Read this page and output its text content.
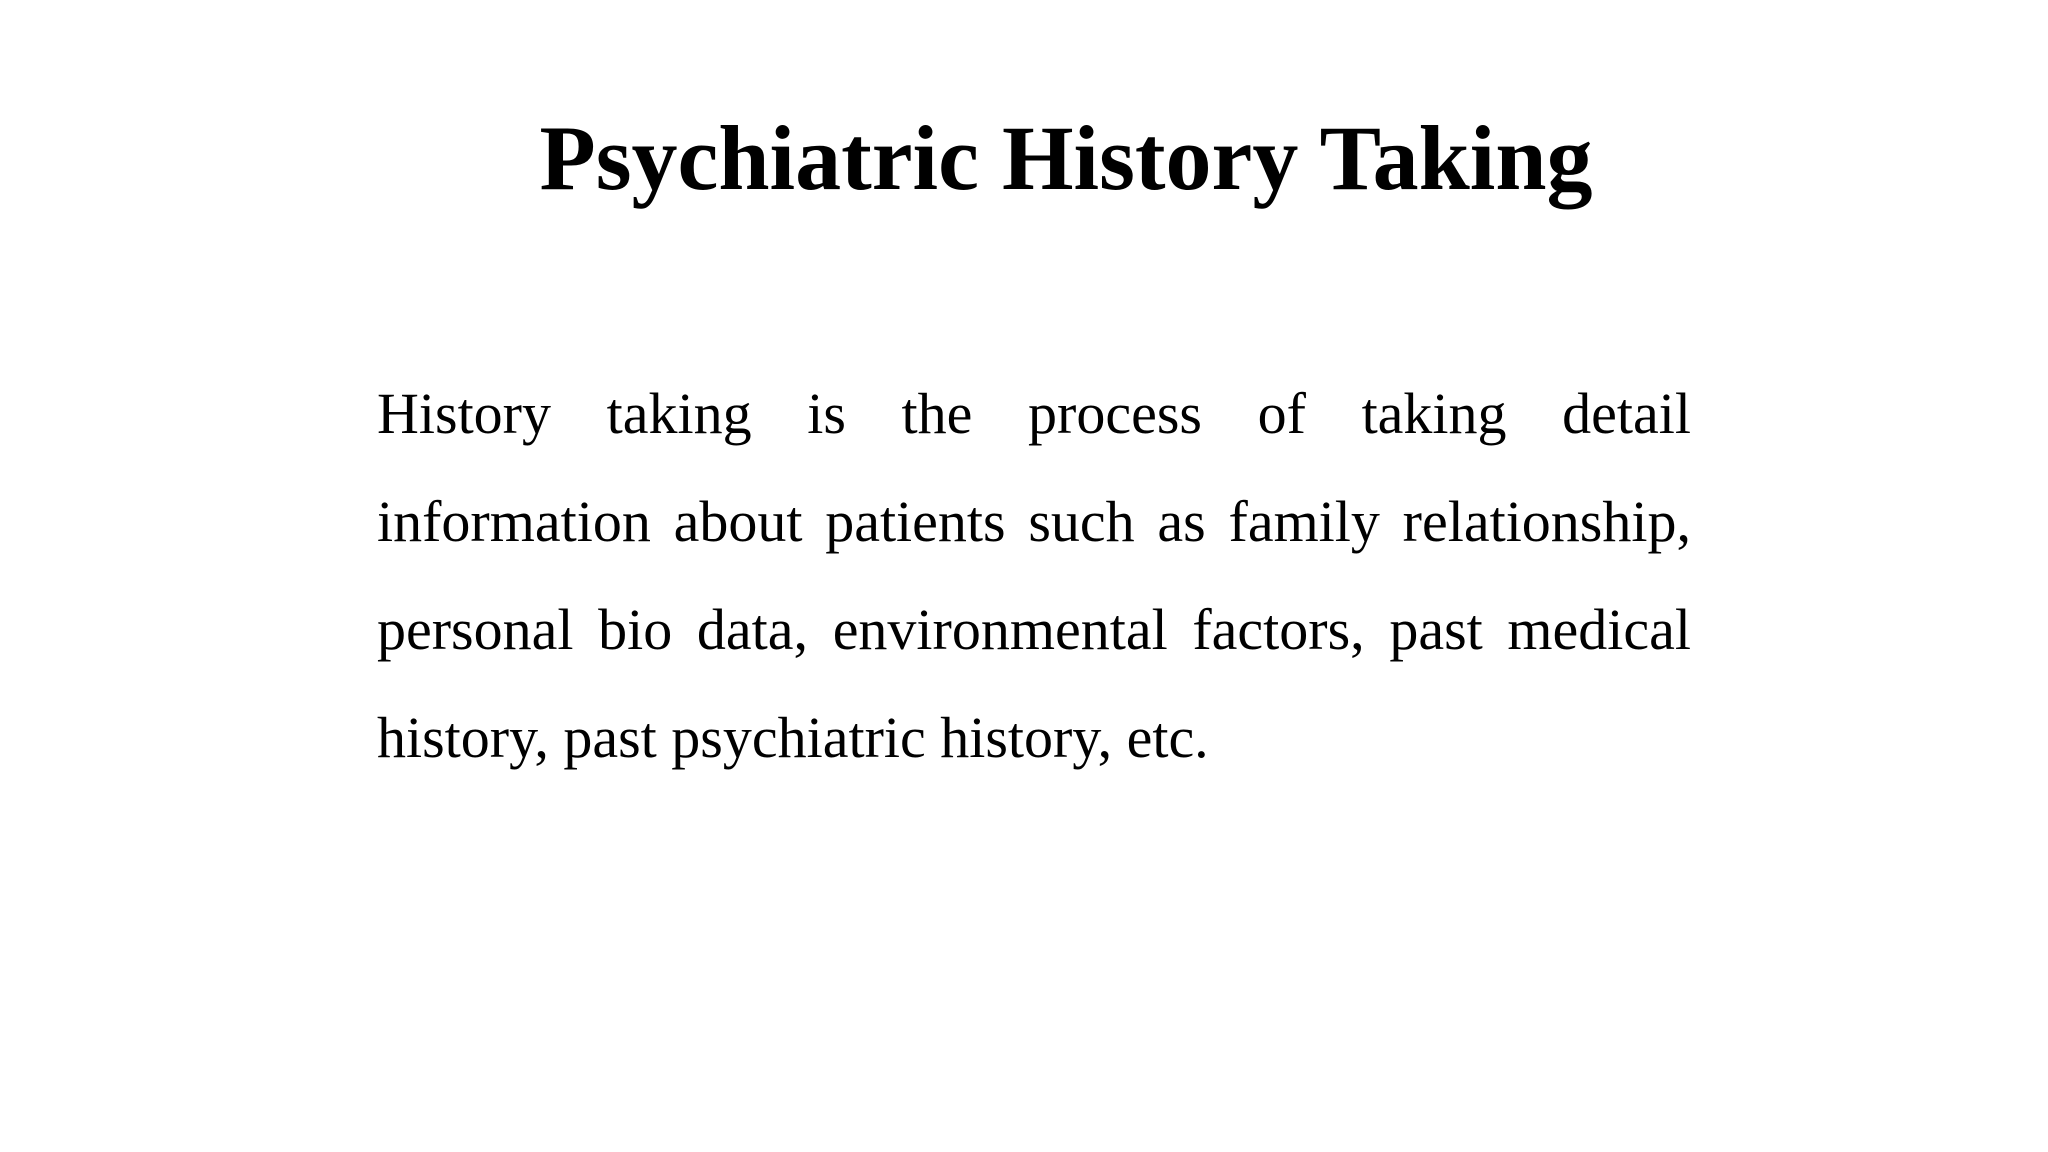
Psychiatric History Taking

History taking is the process of taking detail information about patients such as family relationship, personal bio data, environmental factors, past medical history, past psychiatric history, etc.
